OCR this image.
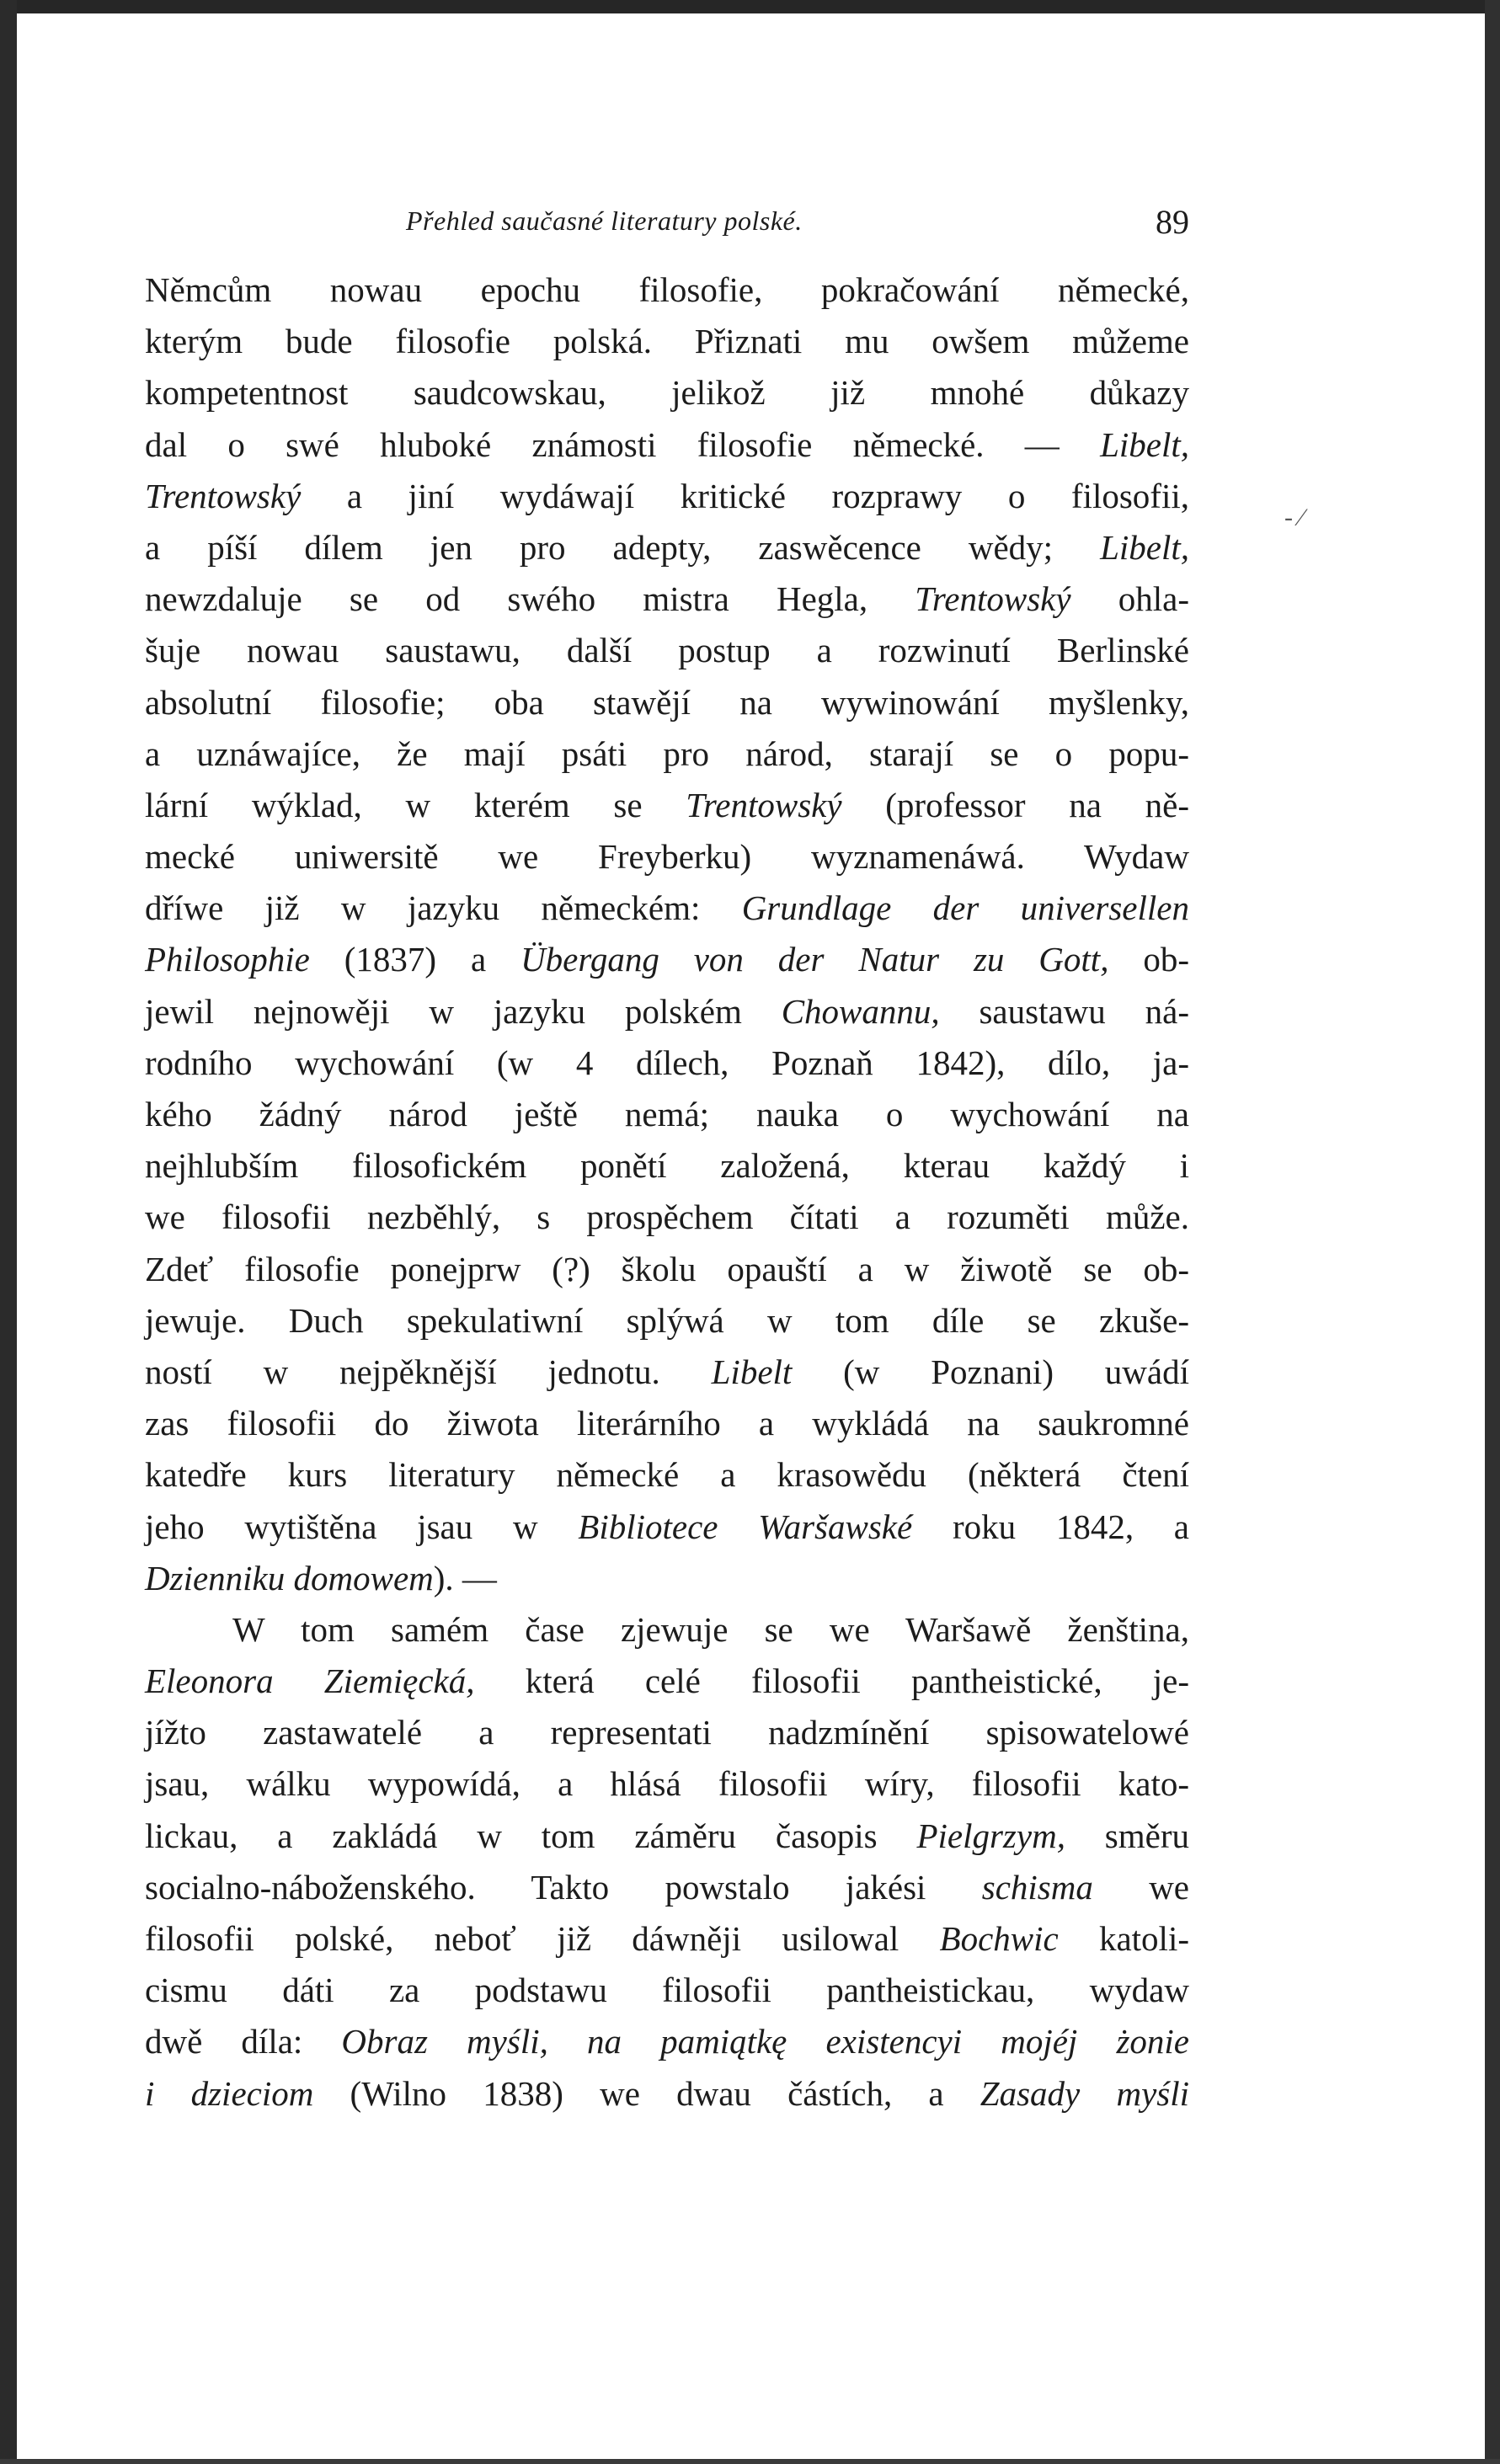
- ⁄
Přehled saučasné literatury polské.	89
Němcům nowau epochu filosofie, pokračowání německé,
kterým bude filosofie polská. Přiznati mu owšem můžeme
kompetentnost saudcowskau, jelikož již mnohé důkazy
dal o swé hluboké známosti filosofie německé. — Libelt,
Trentowský a jiní wydáwají kritické rozprawy o filosofii,
a píší dílem jen pro adepty, zaswěcence wědy; Libelt,
newzdaluje se od swého mistra Hegla, Trentowský ohla-
šuje nowau saustawu, další postup a rozwinutí Berlinské
absolutní filosofie; oba stawějí na wywinowání myšlenky,
a uznáwajíce, že mají psáti pro národ, starají se o popu-
lární wýklad, w kterém se Trentowský (professor na ně-
mecké uniwersitě we Freyberku) wyznamenáwá. Wydaw
dříwe již w jazyku německém: Grundlage der universellen
Philosophie (1837) a Übergang von der Natur zu Gott, ob-
jewil nejnowěji w jazyku polském Chowannu, saustawu ná-
rodního wychowání (w 4 dílech, Poznaň 1842), dílo, ja-
kého žádný národ ještě nemá; nauka o wychowání na
nejhlubším filosofickém ponětí založená, kterau každý i
we filosofii nezběhlý, s prospěchem čítati a rozuměti může.
Zdeť filosofie ponejprw (?) školu opauští a w žiwotě se ob-
jewuje. Duch spekulatiwní splýwá w tom díle se zkuše-
ností w nejpěknější jednotu. Libelt (w Poznani) uwádí
zas filosofii do žiwota literárního a wykládá na saukromné
katedře kurs literatury německé a krasowědu (některá čtení
jeho wytištěna jsau w Bibliotece Waršawské roku 1842, a
Dzienniku domowem). —
W tom samém čase zjewuje se we Waršawě ženština,
Eleonora Ziemięcká, která celé filosofii pantheistické, je-
jížto zastawatelé a representati nadzmínění spisowatelowé
jsau, wálku wypowídá, a hlásá filosofii wíry, filosofii kato-
lickau, a zakládá w tom záměru časopis Pielgrzym, směru
socialno-náboženského. Takto powstalo jakési schisma we
filosofii polské, neboť již dáwněji usilowal Bochwic katoli-
cismu dáti za podstawu filosofii pantheistickau, wydaw
dwě díla: Obraz myśli, na pamiątkę existencyi mojéj żonie
i dzieciom (Wilno 1838) we dwau částích, a Zasady myśli
